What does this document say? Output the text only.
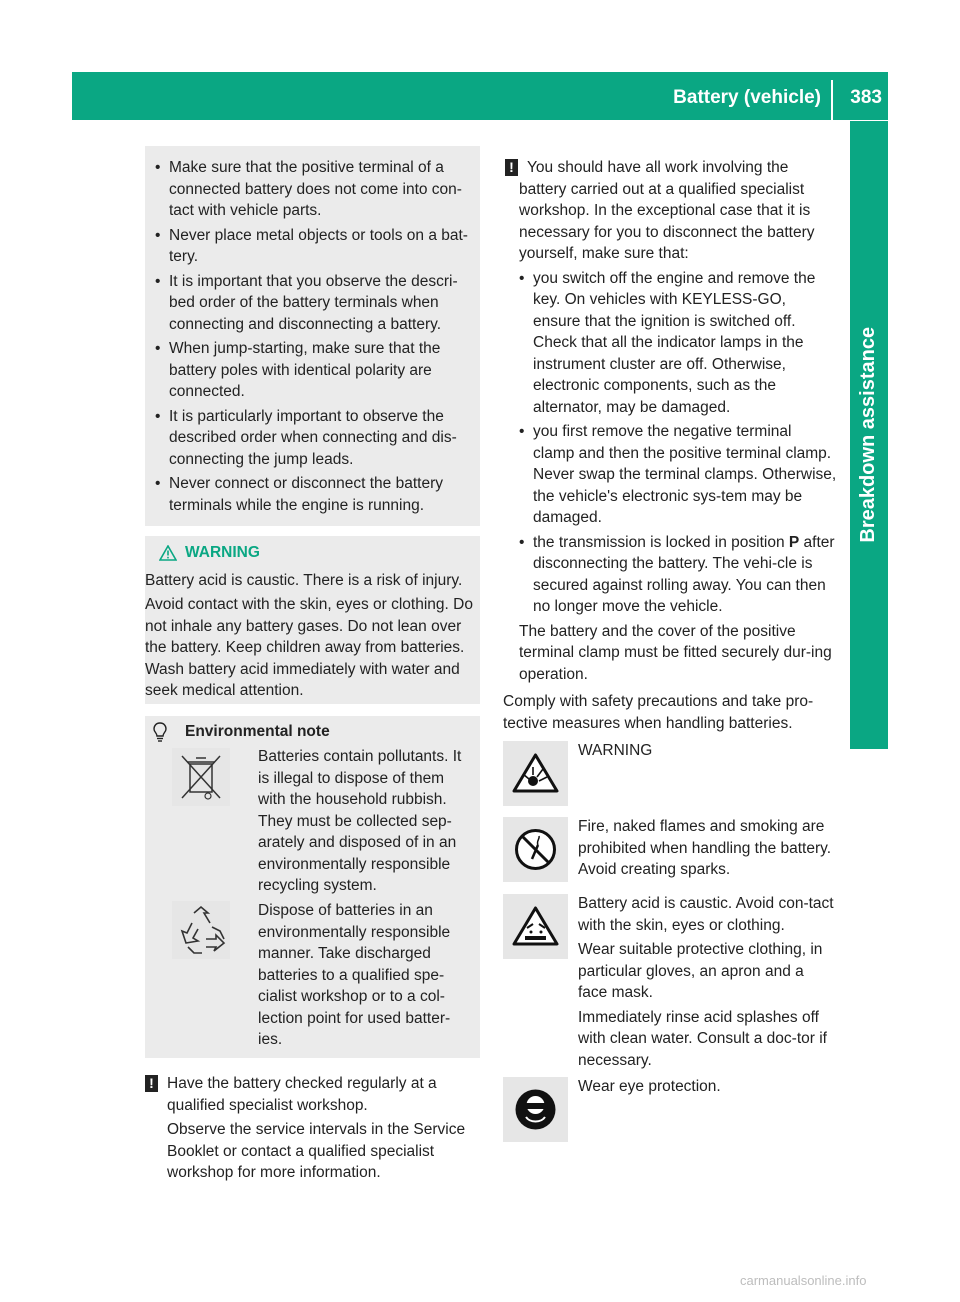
Battery (vehicle) 383
Breakdown assistance
• Make sure that the positive terminal of a connected battery does not come into con-tact with vehicle parts.
• Never place metal objects or tools on a bat-tery.
• It is important that you observe the descri-bed order of the battery terminals when connecting and disconnecting a battery.
• When jump-starting, make sure that the battery poles with identical polarity are connected.
• It is particularly important to observe the described order when connecting and dis-connecting the jump leads.
• Never connect or disconnect the battery terminals while the engine is running.
WARNING

Battery acid is caustic. There is a risk of injury.

Avoid contact with the skin, eyes or clothing. Do not inhale any battery gases. Do not lean over the battery. Keep children away from batteries. Wash battery acid immediately with water and seek medical attention.

Environmental note

Batteries contain pollutants. It is illegal to dispose of them with the household rubbish. They must be collected sep-arately and disposed of in an environmentally responsible recycling system.

Dispose of batteries in an environmentally responsible manner. Take discharged batteries to a qualified spe-cialist workshop or to a col-lection point for used batter-ies.

! Have the battery checked regularly at a qualified specialist workshop.

Observe the service intervals in the Service Booklet or contact a qualified specialist workshop for more information.

! You should have all work involving the battery carried out at a qualified specialist workshop. In the exceptional case that it is necessary for you to disconnect the battery yourself, make sure that:

• you switch off the engine and remove the key. On vehicles with KEYLESS-GO, ensure that the ignition is switched off. Check that all the indicator lamps in the instrument cluster are off. Otherwise, electronic components, such as the alternator, may be damaged.
• you first remove the negative terminal clamp and then the positive terminal clamp. Never swap the terminal clamps. Otherwise, the vehicle's electronic sys-tem may be damaged.
• the transmission is locked in position P after disconnecting the battery. The vehi-cle is secured against rolling away. You can then no longer move the vehicle.

The battery and the cover of the positive terminal clamp must be fitted securely dur-ing operation.

Comply with safety precautions and take pro-tective measures when handling batteries.

WARNING

Fire, naked flames and smoking are prohibited when handling the battery. Avoid creating sparks.

Battery acid is caustic. Avoid con-tact with the skin, eyes or clothing.

Wear suitable protective clothing, in particular gloves, an apron and a face mask.

Immediately rinse acid splashes off with clean water. Consult a doc-tor if necessary.

Wear eye protection.

carmanualsonline.info
